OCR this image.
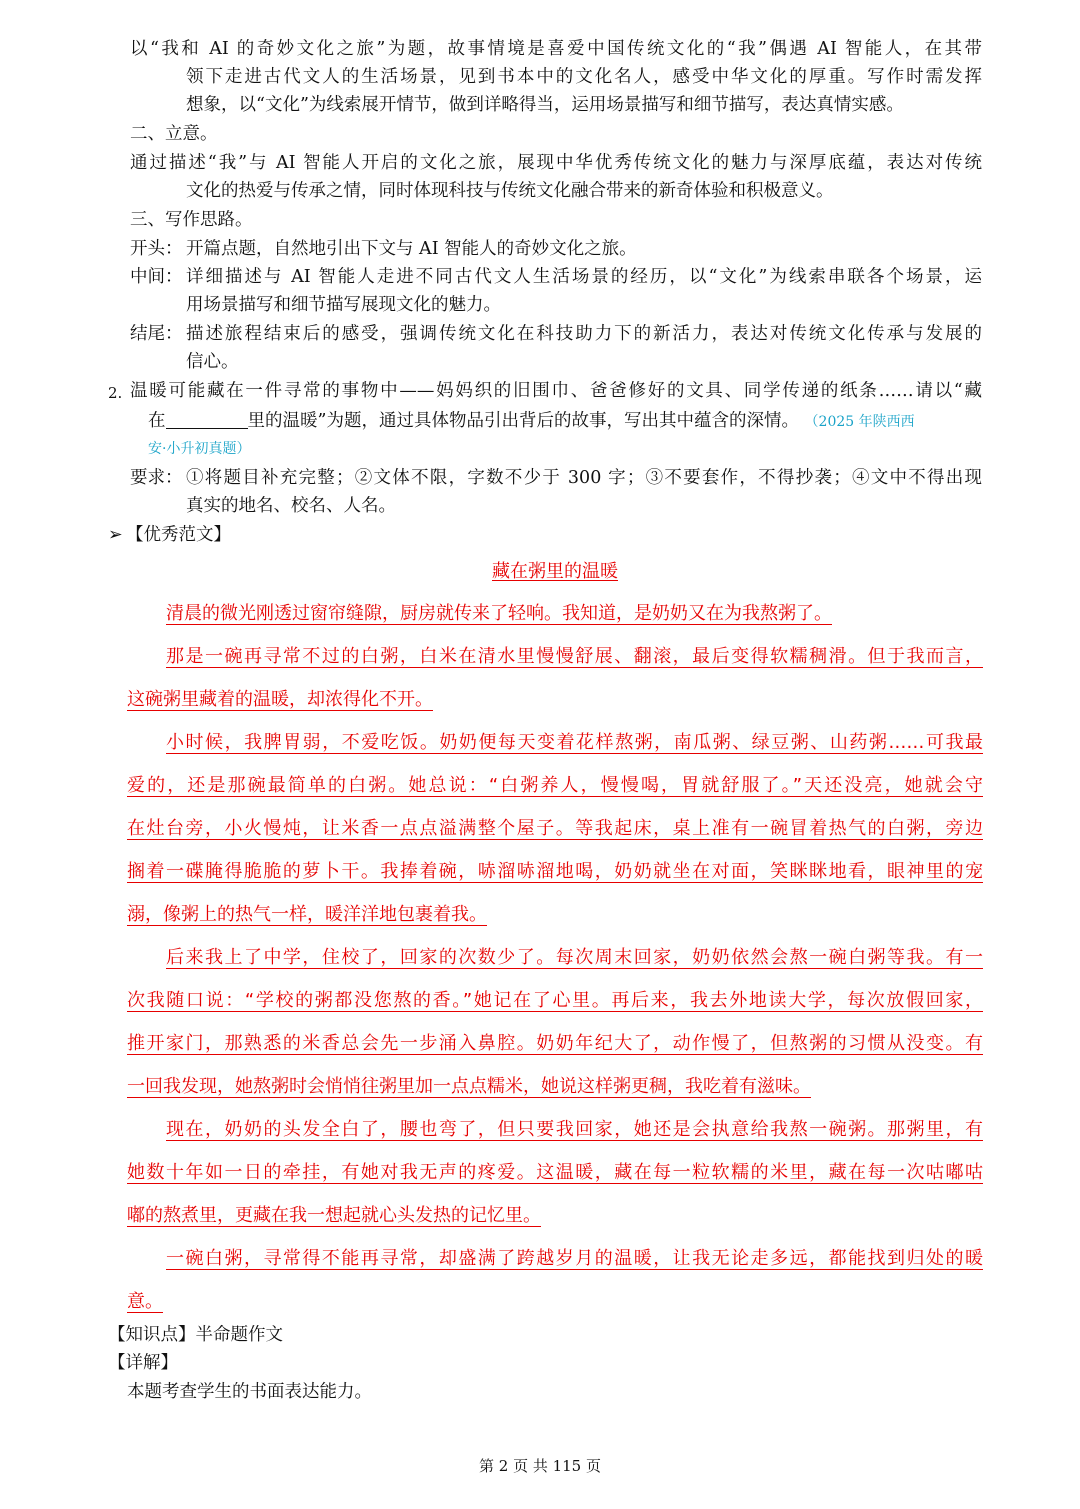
以“我和 AI 的奇妙文化之旅”为题，故事情境是喜爱中国传统文化的“我”偶遇 AI 智能人，在其带
领下走进古代文人的生活场景，见到书本中的文化名人，感受中华文化的厚重。写作时需发挥
想象，以“文化”为线索展开情节，做到详略得当，运用场景描写和细节描写，表达真情实感。
二、立意。
通过描述“我”与 AI 智能人开启的文化之旅，展现中华优秀传统文化的魅力与深厚底蕴，表达对传统
文化的热爱与传承之情，同时体现科技与传统文化融合带来的新奇体验和积极意义。
三、写作思路。
开头： 开篇点题，自然地引出下文与 AI 智能人的奇妙文化之旅。
中间： 详细描述与 AI 智能人走进不同古代文人生活场景的经历，以“文化”为线索串联各个场景，运
用场景描写和细节描写展现文化的魅力。
结尾： 描述旅程结束后的感受，强调传统文化在科技助力下的新活力，表达对传统文化传承与发展的
信心。
2. 温暖可能藏在一件寻常的事物中——妈妈织的旧围巾、爸爸修好的文具、同学传递的纸条……请以“藏
在	里的温暖”为题，通过具体物品引出背后的故事，写出其中蕴含的深情。 （2025 年陕西西
安·小升初真题）
要求： ①将题目补充完整；②文体不限，字数不少于 300 字；③不要套作，不得抄袭；④文中不得出现
真实的地名、校名、人名。
➢ 【优秀范文】
藏在粥里的温暖
清晨的微光刚透过窗帘缝隙，厨房就传来了轻响。我知道，是奶奶又在为我熬粥了。
那是一碗再寻常不过的白粥，白米在清水里慢慢舒展、翻滚，最后变得软糯稠滑。但于我而言，
这碗粥里藏着的温暖，却浓得化不开。
小时候，我脾胃弱，不爱吃饭。奶奶便每天变着花样熬粥，南瓜粥、绿豆粥、山药粥……可我最
爱的，还是那碗最简单的白粥。她总说：“白粥养人，慢慢喝，胃就舒服了。”天还没亮，她就会守
在灶台旁，小火慢炖，让米香一点点溢满整个屋子。等我起床，桌上准有一碗冒着热气的白粥，旁边
搁着一碟腌得脆脆的萝卜干。我捧着碗，哧溜哧溜地喝，奶奶就坐在对面，笑眯眯地看，眼神里的宠
溺，像粥上的热气一样，暖洋洋地包裹着我。
后来我上了中学，住校了，回家的次数少了。每次周末回家，奶奶依然会熬一碗白粥等我。有一
次我随口说：“学校的粥都没您熬的香。”她记在了心里。再后来，我去外地读大学，每次放假回家，
推开家门，那熟悉的米香总会先一步涌入鼻腔。奶奶年纪大了，动作慢了，但熬粥的习惯从没变。有
一回我发现，她熬粥时会悄悄往粥里加一点点糯米，她说这样粥更稠，我吃着有滋味。
现在，奶奶的头发全白了，腰也弯了，但只要我回家，她还是会执意给我熬一碗粥。那粥里，有
她数十年如一日的牵挂，有她对我无声的疼爱。这温暖，藏在每一粒软糯的米里，藏在每一次咕嘟咕
嘟的熬煮里，更藏在我一想起就心头发热的记忆里。
一碗白粥，寻常得不能再寻常，却盛满了跨越岁月的温暖，让我无论走多远，都能找到归处的暖
意。
【知识点】半命题作文
【详解】
本题考查学生的书面表达能力。
第 2 页 共 115 页
